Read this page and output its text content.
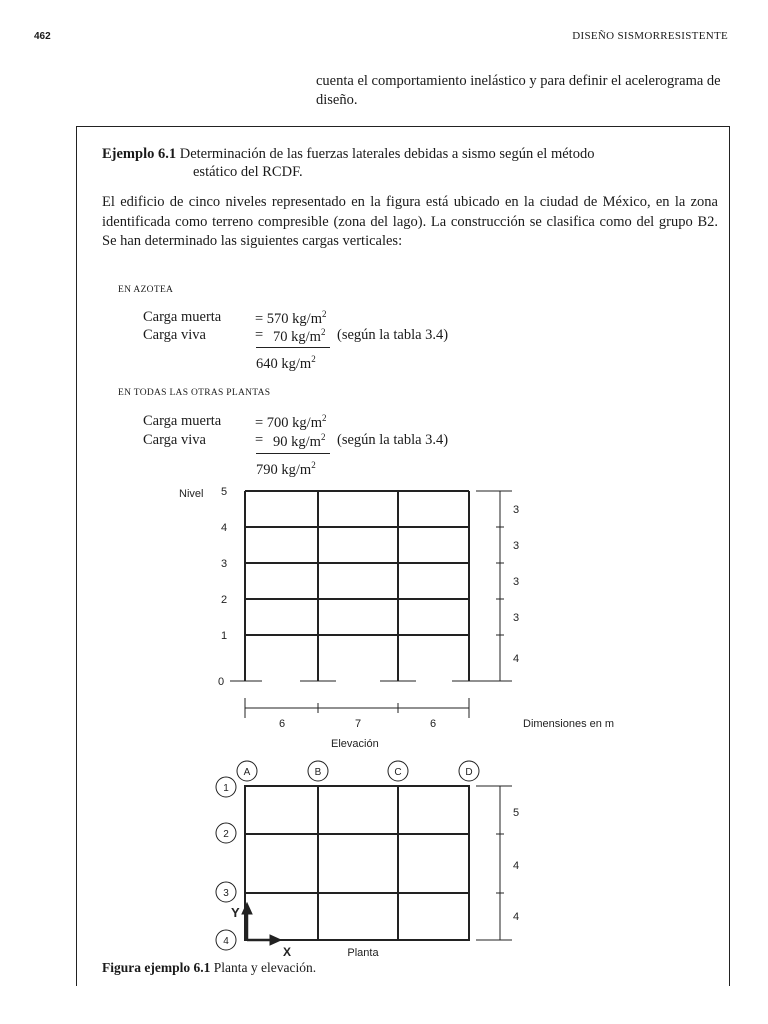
462	DISEÑO SISMORRESISTENTE
cuenta el comportamiento inelástico y para definir el acelerograma de diseño.
Ejemplo 6.1 Determinación de las fuerzas laterales debidas a sismo según el método
estático del RCDF.
El edificio de cinco niveles representado en la figura está ubicado en la ciudad de México, en la zona identificada como terreno compresible (zona del lago). La construcción se clasifica como del grupo B2. Se han determinado las siguientes cargas verticales:
EN AZOTEA
Carga muerta = 570 $kg/m^2$
Carga viva	= 70 $kg/m^2$ (según la tabla 3.4)
640 $kg/m^2$
EN TODAS LAS OTRAS PLANTAS
Carga muerta = 700 $kg/m^2$
Carga viva	= 90 $kg/m^2$ (según la tabla 3.4)
790 $kg/m^2$
Nivel 5
4
3
2
1
0
3
3
3
3
4
6	7	6	Dimensiones en m
Elevación
A	B	C	D
1
2
3
4
5
4
4
Planta
Y
X
Figura ejemplo 6.1 Planta y elevación.
